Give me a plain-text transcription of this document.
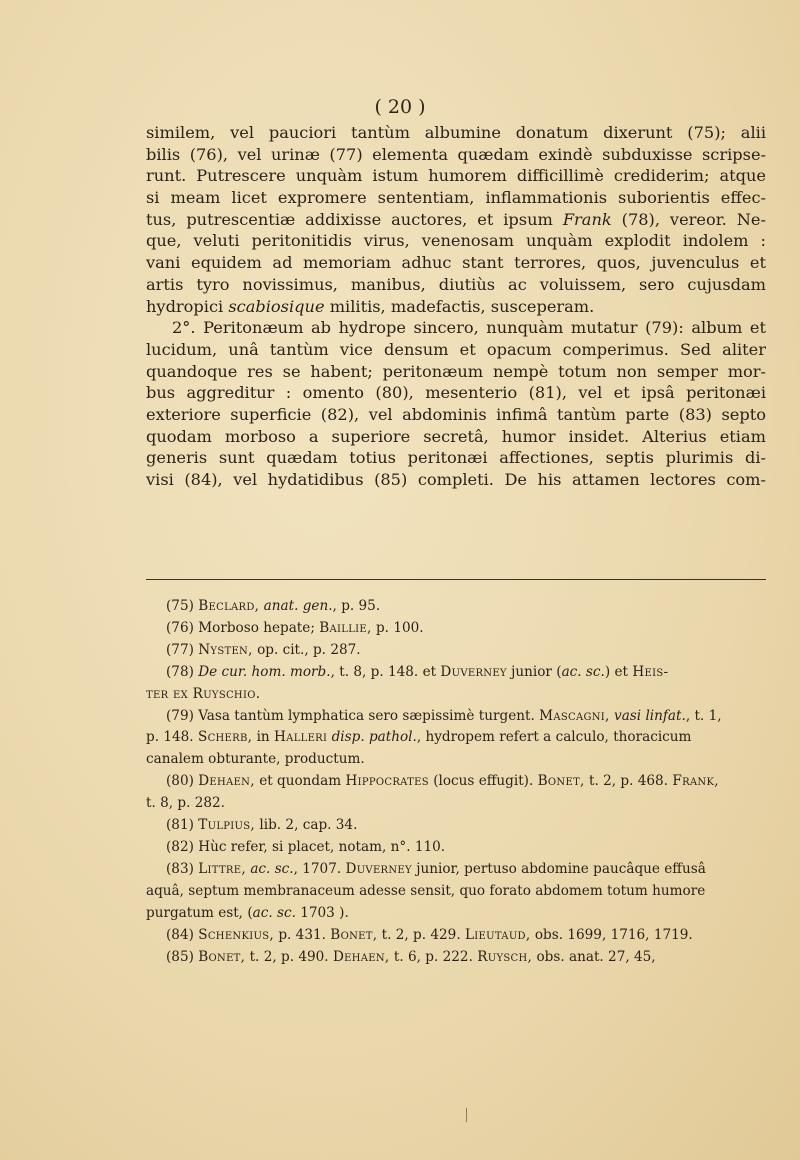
( 20 )
similem, vel pauciori tantùm albumine donatum dixerunt (75); alii
bilis (76), vel urinæ (77) elementa quædam exindè subduxisse scripse-
runt. Putrescere unquàm istum humorem difficillimè crediderim; atque
si meam licet expromere sententiam, inflammationis suborientis effec-
tus, putrescentiæ addixisse auctores, et ipsum Frank (78), vereor. Ne-
que, veluti peritonitidis virus, venenosam unquàm explodit indolem :
vani equidem ad memoriam adhuc stant terrores, quos, juvenculus et
artis tyro novissimus, manibus, diutiùs ac voluissem, sero cujusdam
hydropici scabiosique militis, madefactis, susceperam.
2°. Peritonæum ab hydrope sincero, nunquàm mutatur (79): album et
lucidum, unâ tantùm vice densum et opacum comperimus. Sed aliter
quandoque res se habent; peritonæum nempè totum non semper mor-
bus aggreditur : omento (80), mesenterio (81), vel et ipsâ peritonæi
exteriore superficie (82), vel abdominis infimâ tantùm parte (83) septo
quodam morboso a superiore secretâ, humor insidet. Alterius etiam
generis sunt quædam totius peritonæi affectiones, septis plurimis di-
visi (84), vel hydatidibus (85) completi. De his attamen lectores com-
(75) Beclard, anat. gen., p. 95.
(76) Morboso hepate; Baillie, p. 100.
(77) Nysten, op. cit., p. 287.
(78) De cur. hom. morb., t. 8, p. 148. et Duverney junior (ac. sc.) et Heis-
ter ex Ruyschio.
(79) Vasa tantùm lymphatica sero sæpissimè turgent. Mascagni, vasi linfat., t. 1,
p. 148. Scherb, in Halleri disp. pathol., hydropem refert a calculo, thoracicum
canalem obturante, productum.
(80) Dehaen, et quondam Hippocrates (locus effugit). Bonet, t. 2, p. 468. Frank,
t. 8, p. 282.
(81) Tulpius, lib. 2, cap. 34.
(82) Hùc refer, si placet, notam, n°. 110.
(83) Littre, ac. sc., 1707. Duverney junior, pertuso abdomine paucâque effusâ
aquâ, septum membranaceum adesse sensit, quo forato abdomem totum humore
purgatum est, (ac. sc. 1703 ).
(84) Schenkius, p. 431. Bonet, t. 2, p. 429. Lieutaud, obs. 1699, 1716, 1719.
(85) Bonet, t. 2, p. 490. Dehaen, t. 6, p. 222. Ruysch, obs. anat. 27, 45,
